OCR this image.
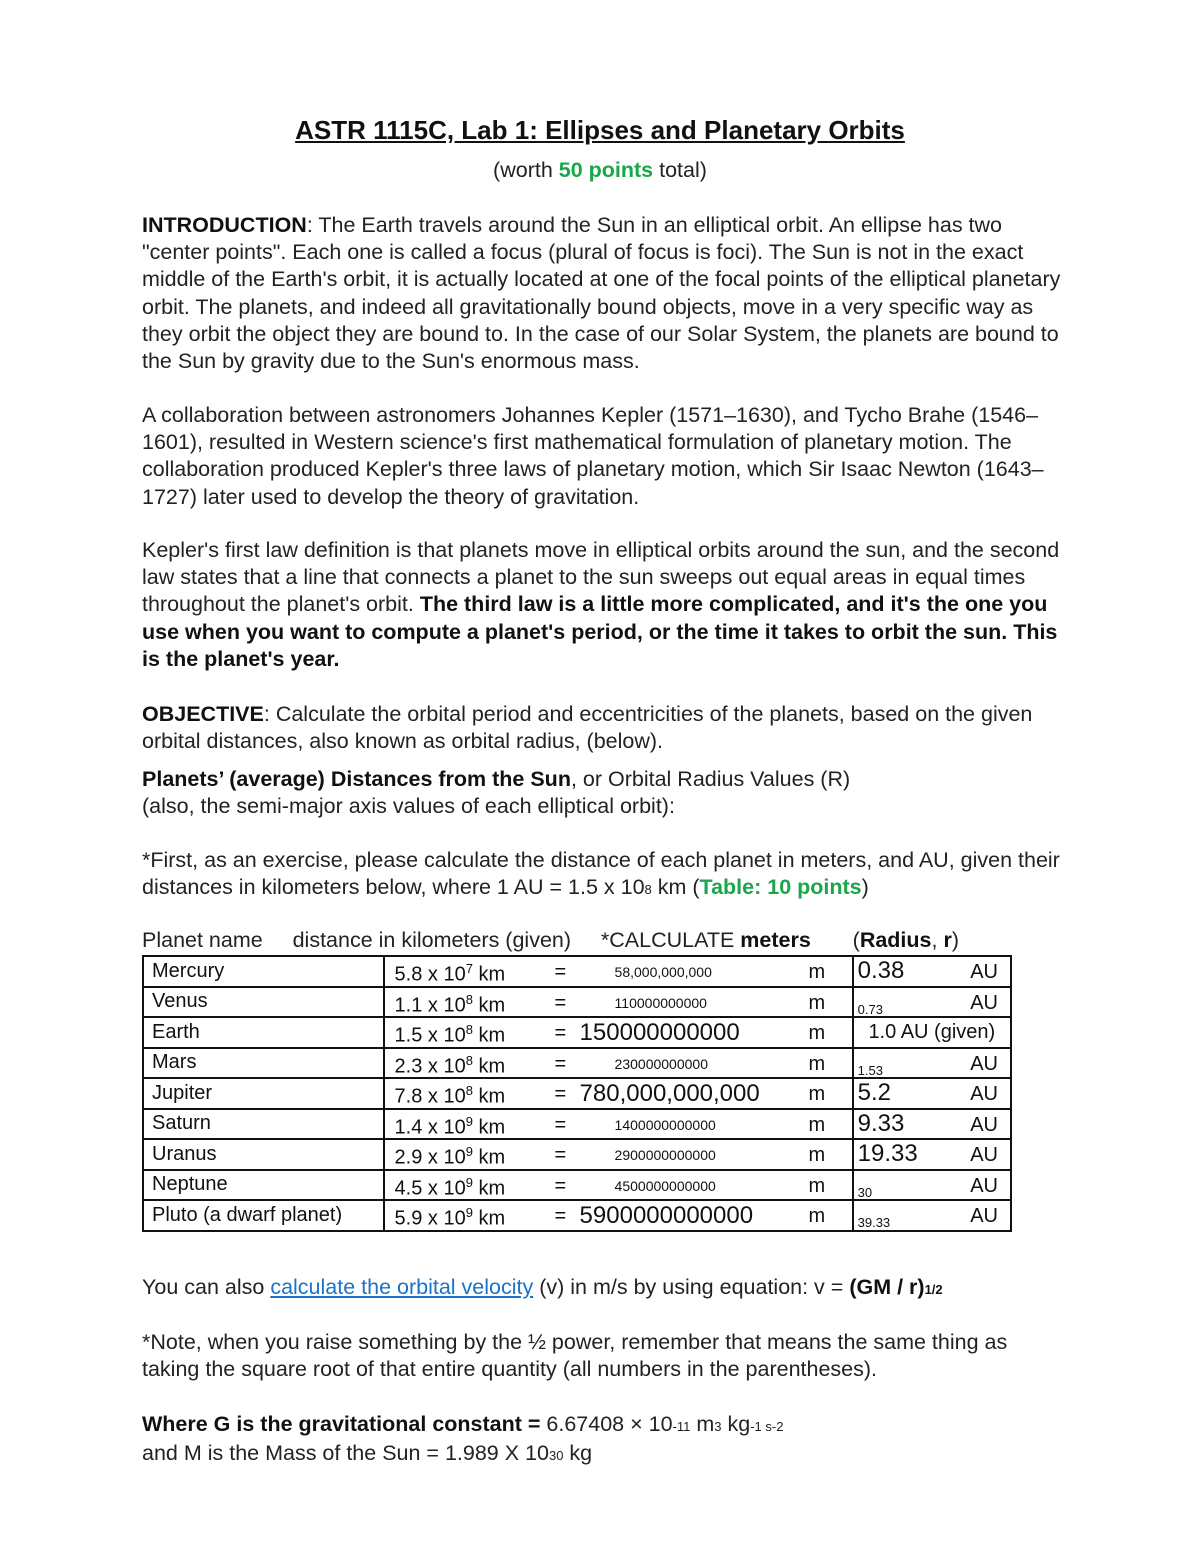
ASTR 1115C, Lab 1: Ellipses and Planetary Orbits
(worth 50 points total)
INTRODUCTION: The Earth travels around the Sun in an elliptical orbit. An ellipse has two "center points". Each one is called a focus (plural of focus is foci). The Sun is not in the exact middle of the Earth's orbit, it is actually located at one of the focal points of the elliptical planetary orbit. The planets, and indeed all gravitationally bound objects, move in a very specific way as they orbit the object they are bound to. In the case of our Solar System, the planets are bound to the Sun by gravity due to the Sun's enormous mass.
A collaboration between astronomers Johannes Kepler (1571–1630), and Tycho Brahe (1546–1601), resulted in Western science's first mathematical formulation of planetary motion. The collaboration produced Kepler's three laws of planetary motion, which Sir Isaac Newton (1643–1727) later used to develop the theory of gravitation.
Kepler's first law definition is that planets move in elliptical orbits around the sun, and the second law states that a line that connects a planet to the sun sweeps out equal areas in equal times throughout the planet's orbit. The third law is a little more complicated, and it's the one you use when you want to compute a planet's period, or the time it takes to orbit the sun. This is the planet's year.
OBJECTIVE: Calculate the orbital period and eccentricities of the planets, based on the given orbital distances, also known as orbital radius, (below).
Planets’ (average) Distances from the Sun, or Orbital Radius Values (R)
(also, the semi-major axis values of each elliptical orbit):
*First, as an exercise, please calculate the distance of each planet in meters, and AU, given their distances in kilometers below, where 1 AU = 1.5 x 108 km (Table: 10 points)
Planet name distance in kilometers (given) *CALCULATE meters (Radius, r)
Mercury	5.8 x $10^7$ km = 58,000,000,000 m	0.38 AU

Venus	1.1 x $10^8$ km = 110000000000 m	0.73 AU

Earth	1.5 x $10^8$ km = 150000000000 m	1.0 AU (given)

Mars	2.3 x $10^8$ km = 230000000000 m	1.53 AU

Jupiter	7.8 x $10^8$ km = 780,000,000,000 m	5.2 AU

Saturn	1.4 x $10^9$ km = 1400000000000 m	9.33 AU

Uranus	2.9 x $10^9$ km = 2900000000000 m	19.33 AU

Neptune	4.5 x $10^9$ km = 4500000000000 m	30 AU

Pluto (a dwarf planet)	5.9 x $10^9$ km = 5900000000000 m	39.33 AU
You can also calculate the orbital velocity (v) in m/s by using equation: v = (GM / r)1/2
*Note, when you raise something by the ½ power, remember that means the same thing as taking the square root of that entire quantity (all numbers in the parentheses).
Where G is the gravitational constant = 6.67408 × 10-11 m3 kg-1 s-2
and M is the Mass of the Sun = 1.989 X 1030 kg
